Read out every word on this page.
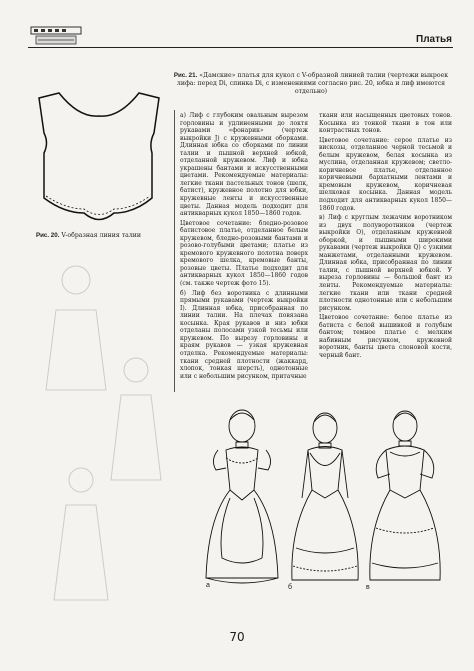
Платья
Рис. 20. V-образная линия талии
Рис. 21. «Дамские» платья для кукол с V-образной линией талии (чертежи выкроек лифа: перед Di, спинка Di, с изменениями согласно рис. 20, юбка и лиф имеются отдельно)

а) Лиф с глубоким овальным вырезом горловины и удлиненными до локтя рукавами «фонарик» (чертеж выкройки J) с кружевными оборками. Длинная юбка со сборками по линии талии и пышной верхней юбкой, отделанной кружевом. Лиф и юбка украшены бантами и искусственными цветами. Рекомендуемые материалы: легкие ткани пастельных тонов (шелк, батист), кружевное полотно для юбки, кружевные ленты и искусственные цветы. Данная модель подходит для антикварных кукол 1850—1860 годов.

Цветовое сочетание: бледно-розовое батистовое платье, отделанное белым кружевом, бледно-розовыми бантами и розово-голубыми цветами; платье из кремового кружевного полотна поверх кремового шелка, кремовые банты, розовые цветы. Платье подходит для антикварных кукол 1850—1860 годов (см. также чертеж фото 15).

б) Лиф без воротника с длинными прямыми рукавами (чертеж выкройки I). Длинная юбка, присобранная по линии талии. На плечах повязана косынка. Края рукавов и низ юбки отделаны полосами узкой тесьмы или кружевом. По вырезу горловины и краям рукавов — узкая кружевная отделка. Рекомендуемые материалы: ткани средней плотности (жаккард, хлопок, тонкая шерсть), однотонные или с небольшим рисунком, притачные

ткани или насыщенных цветовых тонов. Косынка из тонкой ткани в тон или контрастных тонов.

Цветовое сочетание: серое платье из вискозы, отделанное черной тесьмой и белым кружевом, белая косынка из муслина, отделанная кружевом; светло-коричневое платье, отделанное коричневыми бархатными лентами и кремовым кружевом, коричневая шелковая косынка. Данная модель подходит для антикварных кукол 1850—1860 годов.

в) Лиф с круглым лежачим воротником из двух полуворотников (чертеж выкройки O), отделанным кружевной оборкой, и пышными широкими рукавами (чертеж выкройки Q) с узкими манжетами, отделанными кружевом. Длинная юбка, присобранная по линии талии, с пышной верхней юбкой. У выреза горловины — большой бант из ленты. Рекомендуемые материалы: легкие ткани или ткани средней плотности однотонные или с небольшим рисунком.

Цветовое сочетание: белое платье из батиста с белой вышивкой и голубым бантом; темное платье с мелким набивным рисунком, кружевной воротник, банты цвета слоновой кости, черный бант.

а	б	в
70
